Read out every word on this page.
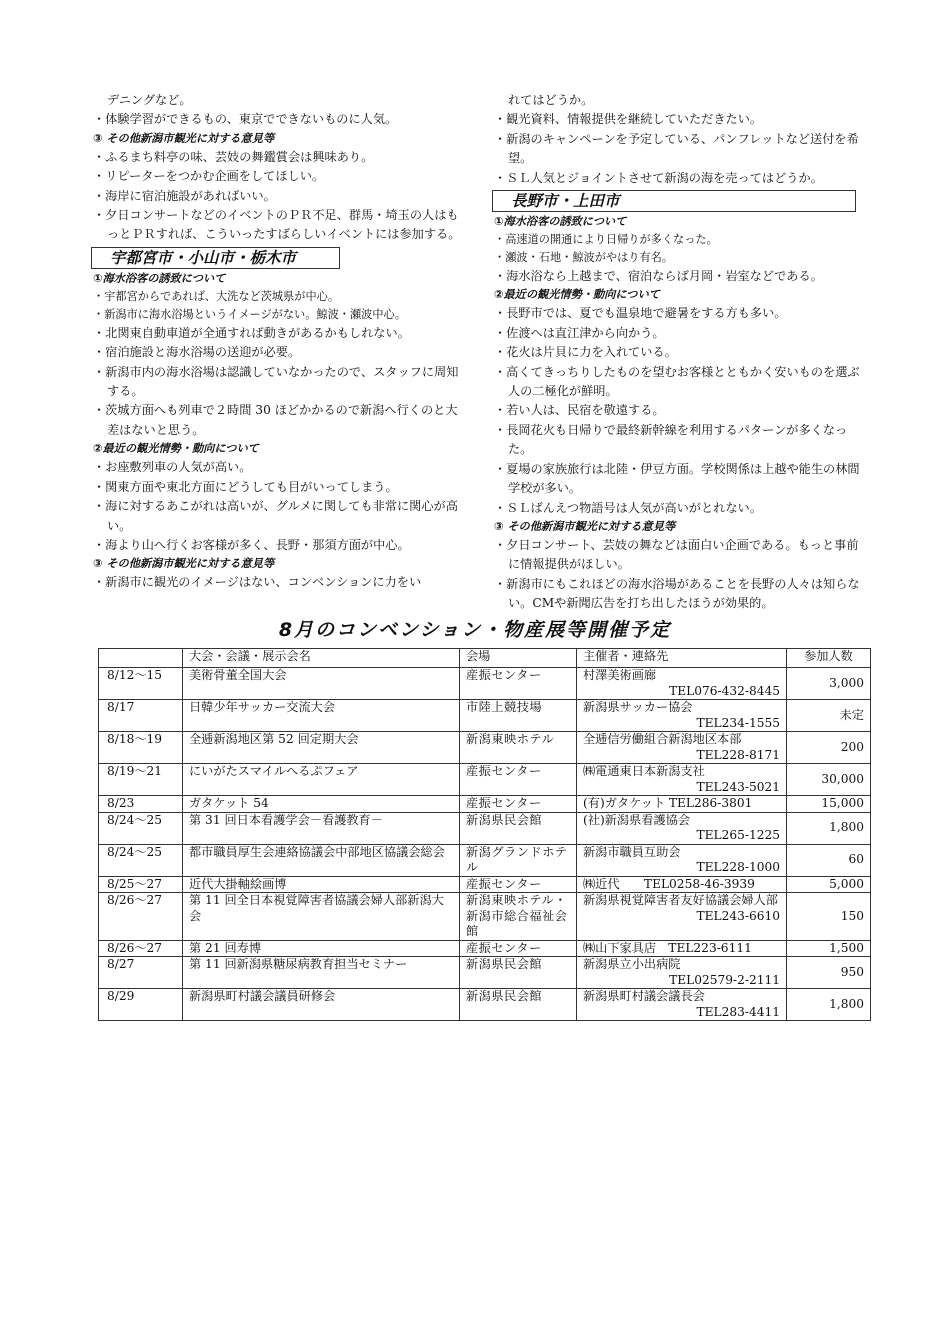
デニングなど。

・体験学習ができるもの、東京でできないものに人気。

③ その他新潟市観光に対する意見等

・ふるまち料亭の味、芸妓の舞鑑賞会は興味あり。

・リピーターをつかむ企画をしてほしい。

・海岸に宿泊施設があればいい。

・夕日コンサートなどのイベントのＰＲ不足、群馬・埼玉の人はもっとＰＲすれば、こういったすばらしいイベントには参加する。

宇都宮市・小山市・栃木市

①海水浴客の誘致について

・宇都宮からであれば、大洗など茨城県が中心。

・新潟市に海水浴場というイメージがない。鯨波・瀬波中心。

・北関東自動車道が全通すれば動きがあるかもしれない。

・宿泊施設と海水浴場の送迎が必要。

・新潟市内の海水浴場は認識していなかったので、スタッフに周知する。

・茨城方面へも列車で２時間 30 ほどかかるので新潟へ行くのと大差はないと思う。

②最近の観光情勢・動向について

・お座敷列車の人気が高い。

・関東方面や東北方面にどうしても目がいってしまう。

・海に対するあこがれは高いが、グルメに関しても非常に関心が高い。

・海より山へ行くお客様が多く、長野・那須方面が中心。

③ その他新潟市観光に対する意見等

・新潟市に観光のイメージはない、コンベンションに力をい

れてはどうか。

・観光資料、情報提供を継続していただきたい。

・新潟のキャンペーンを予定している、パンフレットなど送付を希望。

・ＳＬ人気とジョイントさせて新潟の海を売ってはどうか。

長野市・上田市

①海水浴客の誘致について

・高速道の開通により日帰りが多くなった。

・瀬波・石地・鯨波がやはり有名。

・海水浴なら上越まで、宿泊ならば月岡・岩室などである。

②最近の観光情勢・動向について

・長野市では、夏でも温泉地で避暑をする方も多い。

・佐渡へは直江津から向かう。

・花火は片貝に力を入れている。

・高くてきっちりしたものを望むお客様とともかく安いものを選ぶ人の二極化が鮮明。

・若い人は、民宿を敬遠する。

・長岡花火も日帰りで最終新幹線を利用するパターンが多くなった。

・夏場の家族旅行は北陸・伊豆方面。学校関係は上越や能生の林間学校が多い。

・ＳＬばんえつ物語号は人気が高いがとれない。

③ その他新潟市観光に対する意見等

・夕日コンサート、芸妓の舞などは面白い企画である。もっと事前に情報提供がほしい。

・新潟市にもこれほどの海水浴場があることを長野の人々は知らない。CMや新聞広告を打ち出したほうが効果的。

8月のコンベンション・物産展等開催予定
	大会・会議・展示会名	会場	主催者・連絡先	参加人数
8/12～15	美術骨董全国大会	産振センター	村澤美術画廊
TEL076-432-8445	3,000
8/17	日韓少年サッカー交流大会	市陸上競技場	新潟県サッカー協会
TEL234-1555	未定
8/18～19	全逓新潟地区第 52 回定期大会	新潟東映ホテル	全逓信労働組合新潟地区本部
TEL228-8171	200
8/19～21	にいがたスマイルへるぷフェア	産振センター	㈱電通東日本新潟支社
TEL243-5021	30,000
8/23	ガタケット 54	産振センター	(有)ガタケット TEL286-3801	15,000
8/24～25	第 31 回日本看護学会－看護教育－	新潟県民会館	(社)新潟県看護協会
TEL265-1225	1,800
8/24～25	都市職員厚生会連絡協議会中部地区協議会総会	新潟グランドホテル	新潟市職員互助会
TEL228-1000	60
8/25～27	近代大掛軸絵画博	産振センター	㈱近代　　TEL0258-46-3939	5,000
8/26～27	第 11 回全日本視覚障害者協議会婦人部新潟大会	新潟東映ホテル・新潟市総合福祉会館	新潟県視覚障害者友好協議会婦人部
TEL243-6610	150
8/26～27	第 21 回寿博	産振センター	㈱山下家具店　TEL223-6111	1,500
8/27	第 11 回新潟県糖尿病教育担当セミナー	新潟県民会館	新潟県立小出病院
TEL02579-2-2111	950
8/29	新潟県町村議会議員研修会	新潟県民会館	新潟県町村議会議長会
TEL283-4411	1,800
